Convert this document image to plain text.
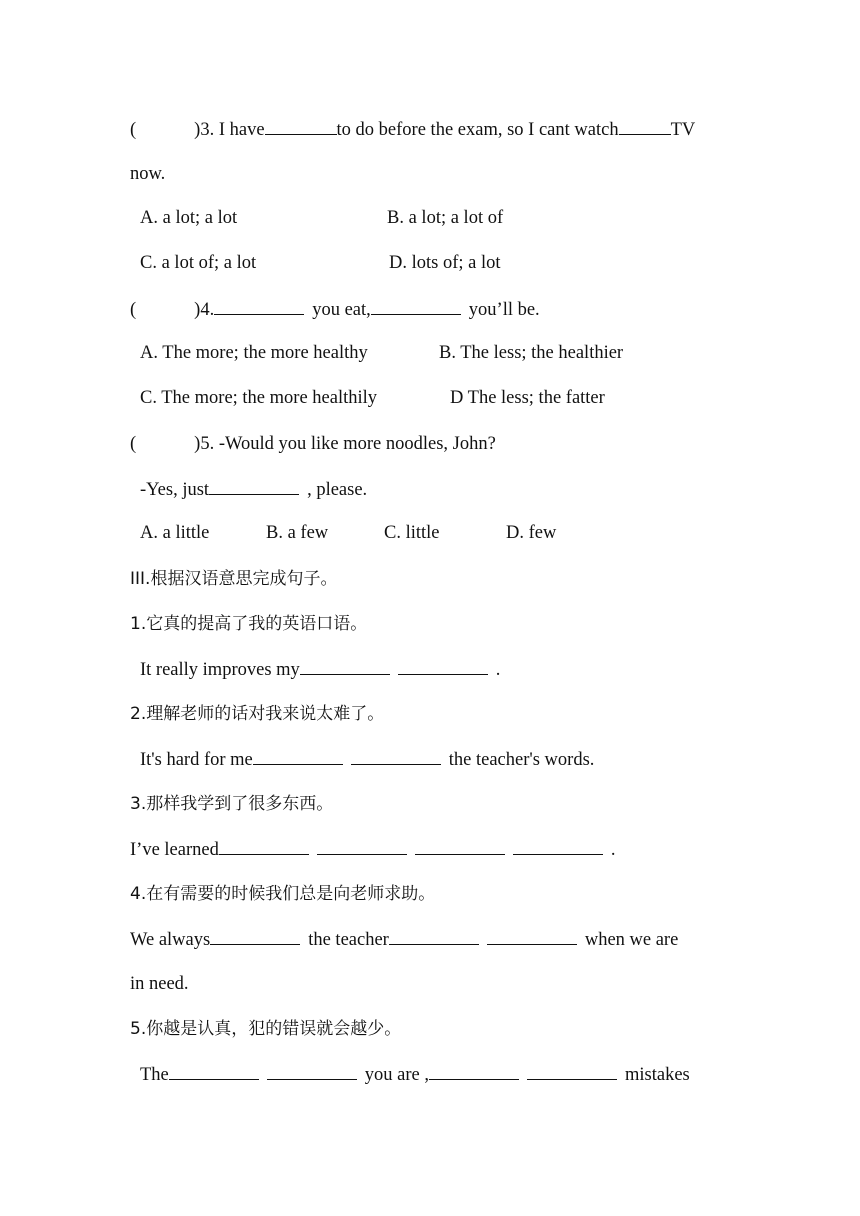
(	)3. I have	to do before the exam, so I cant watch	TV
now.
A. a lot; a lot	B. a lot; a lot of
C. a lot of; a lot	D. lots of; a lot
(	)4.	you eat,	you’ll be.
A. The more; the more healthy	B. The less; the healthier
C. The more; the more healthily	D The less; the fatter
(	)5. -Would you like more noodles, John?
-Yes, just	, please.
A. a little	B. a few	C. little	D. few
III.根据汉语意思完成句子。
1.它真的提高了我的英语口语。
It really improves my	.
2.理解老师的话对我来说太难了。
It's hard for me	the teacher's words.
3.那样我学到了很多东西。
I’ve learned	.
4.在有需要的时候我们总是向老师求助。
We always	the teacher	when we are
in need.
5.你越是认真，犯的错误就会越少。
The	you are ,	mistakes
